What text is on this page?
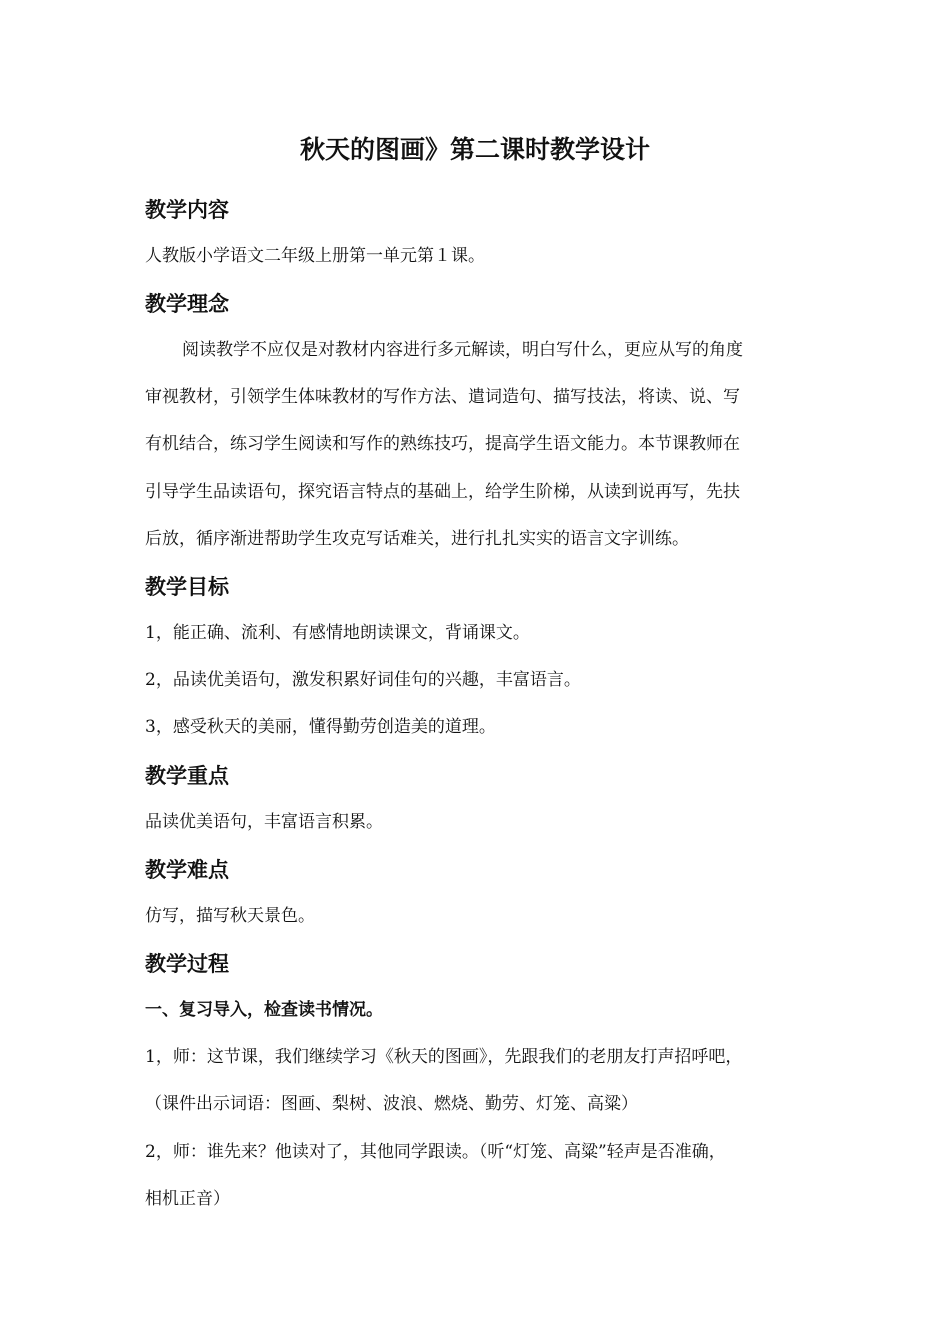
秋天的图画》第二课时教学设计
教学内容
人教版小学语文二年级上册第一单元第１课。
教学理念
阅读教学不应仅是对教材内容进行多元解读，明白写什么，更应从写的角度
审视教材，引领学生体味教材的写作方法、遣词造句、描写技法，将读、说、写
有机结合，练习学生阅读和写作的熟练技巧，提高学生语文能力。本节课教师在
引导学生品读语句，探究语言特点的基础上，给学生阶梯，从读到说再写，先扶
后放，循序渐进帮助学生攻克写话难关，进行扎扎实实的语言文字训练。
教学目标
1，能正确、流利、有感情地朗读课文，背诵课文。
2，品读优美语句，激发积累好词佳句的兴趣，丰富语言。
3，感受秋天的美丽，懂得勤劳创造美的道理。
教学重点
品读优美语句，丰富语言积累。
教学难点
仿写，描写秋天景色。
教学过程
一、复习导入，检查读书情况。
1，师：这节课，我们继续学习《秋天的图画》，先跟我们的老朋友打声招呼吧，
（课件出示词语：图画、梨树、波浪、燃烧、勤劳、灯笼、高粱）
2，师：谁先来？他读对了，其他同学跟读。（听“灯笼、高粱”轻声是否准确，
相机正音）
